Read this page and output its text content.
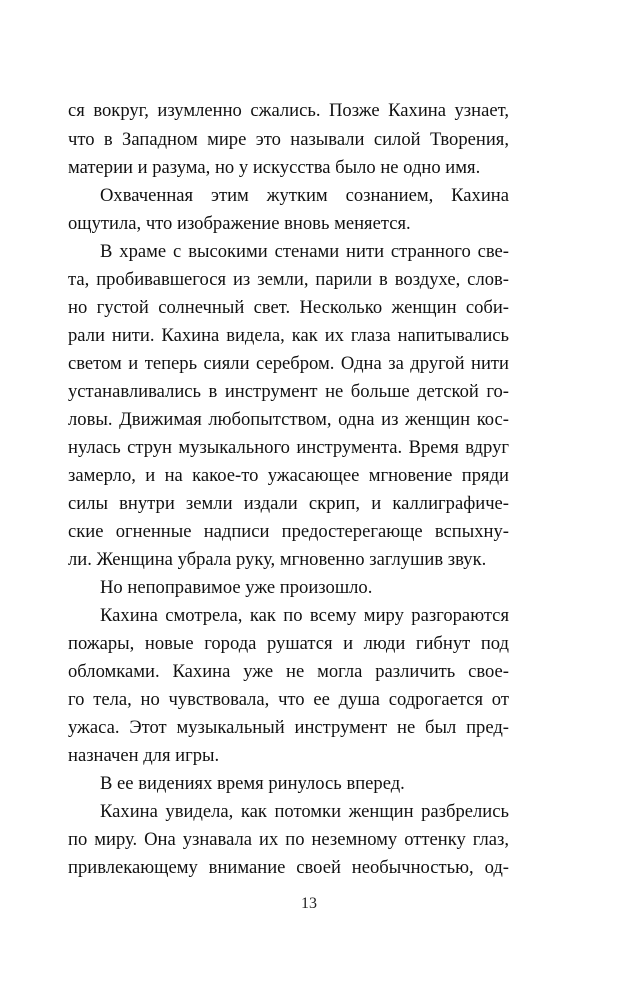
ся вокруг, изумленно сжались. Позже Кахина узнает,
что в Западном мире это называли силой Творения,
материи и разума, но у искусства было не одно имя.
Охваченная этим жутким сознанием, Кахина
ощутила, что изображение вновь меняется.
В храме с высокими стенами нити странного све-
та, пробивавшегося из земли, парили в воздухе, слов-
но густой солнечный свет. Несколько женщин соби-
рали нити. Кахина видела, как их глаза напитывались
светом и теперь сияли серебром. Одна за другой нити
устанавливались в инструмент не больше детской го-
ловы. Движимая любопытством, одна из женщин кос-
нулась струн музыкального инструмента. Время вдруг
замерло, и на какое-то ужасающее мгновение пряди
силы внутри земли издали скрип, и каллиграфиче-
ские огненные надписи предостерегающе вспыхну-
ли. Женщина убрала руку, мгновенно заглушив звук.
Но непоправимое уже произошло.
Кахина смотрела, как по всему миру разгораются
пожары, новые города рушатся и люди гибнут под
обломками. Кахина уже не могла различить свое-
го тела, но чувствовала, что ее душа содрогается от
ужаса. Этот музыкальный инструмент не был пред-
назначен для игры.
В ее видениях время ринулось вперед.
Кахина увидела, как потомки женщин разбрелись
по миру. Она узнавала их по неземному оттенку глаз,
привлекающему внимание своей необычностью, од-
13
